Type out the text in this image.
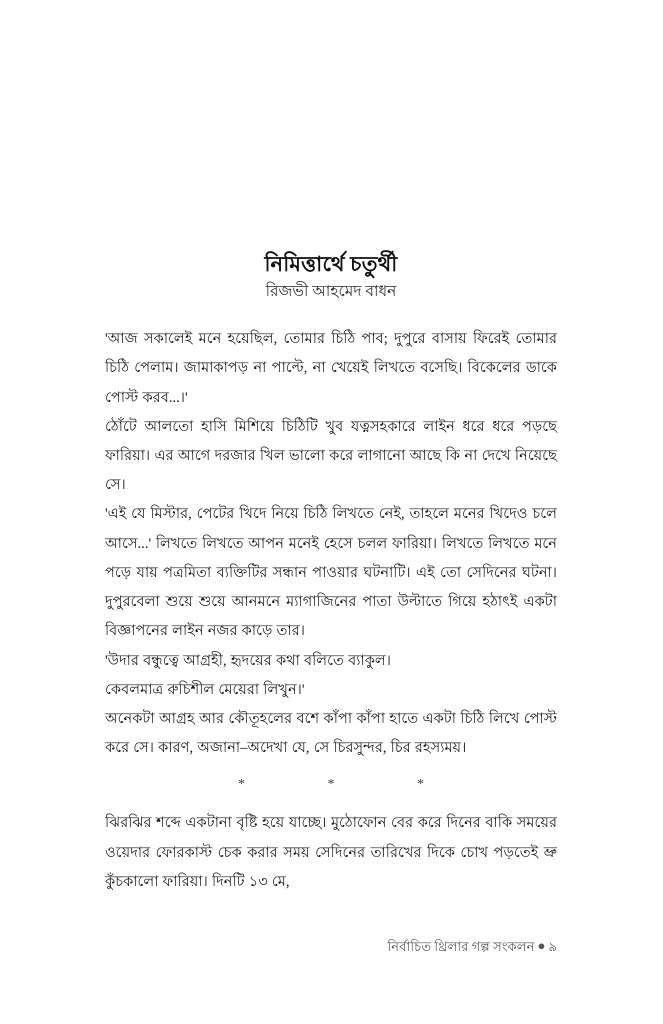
নিমিত্তার্থে চতুর্থী
রিজভী আহমেদ বাধন

'আজ সকালেই মনে হয়েছিল, তোমার চিঠি পাব; দুপুরে বাসায় ফিরেই তোমার চিঠি পেলাম। জামাকাপড় না পাল্টে, না খেয়েই লিখতে বসেছি। বিকেলের ডাকে পোস্ট করব...।'

ঠোঁটে আলতো হাসি মিশিয়ে চিঠিটি খুব যত্নসহকারে লাইন ধরে ধরে পড়ছে ফারিয়া। এর আগে দরজার খিল ভালো করে লাগানো আছে কি না দেখে নিয়েছে সে।

'এই যে মিস্টার, পেটের খিদে নিয়ে চিঠি লিখতে নেই, তাহলে মনের খিদেও চলে আসে...' লিখতে লিখতে আপন মনেই হেসে চলল ফারিয়া। লিখতে লিখতে মনে পড়ে যায় পত্রমিতা ব্যক্তিটির সন্ধান পাওয়ার ঘটনাটি। এই তো সেদিনের ঘটনা। দুপুরবেলা শুয়ে শুয়ে আনমনে ম্যাগাজিনের পাতা উল্টাতে গিয়ে হঠাৎই একটা বিজ্ঞাপনের লাইন নজর কাড়ে তার।

'উদার বন্ধুত্বে আগ্রহী, হৃদয়ের কথা বলিতে ব্যাকুল।

কেবলমাত্র রুচিশীল মেয়েরা লিখুন।'

অনেকটা আগ্রহ আর কৌতূহলের বশে কাঁপা কাঁপা হাতে একটা চিঠি লিখে পোস্ট করে সে। কারণ, অজানা–অদেখা যে, সে চিরসুন্দর, চির রহস্যময়।

*	*	*

ঝিরঝির শব্দে একটানা বৃষ্টি হয়ে যাচ্ছে। মুঠোফোন বের করে দিনের বাকি সময়ের ওয়েদার ফোরকাস্ট চেক করার সময় সেদিনের তারিখের দিকে চোখ পড়তেই ভ্রু কুঁচকালো ফারিয়া। দিনটি ১৩ মে,

নির্বাচিত থ্রিলার গল্প সংকলন ● ৯
